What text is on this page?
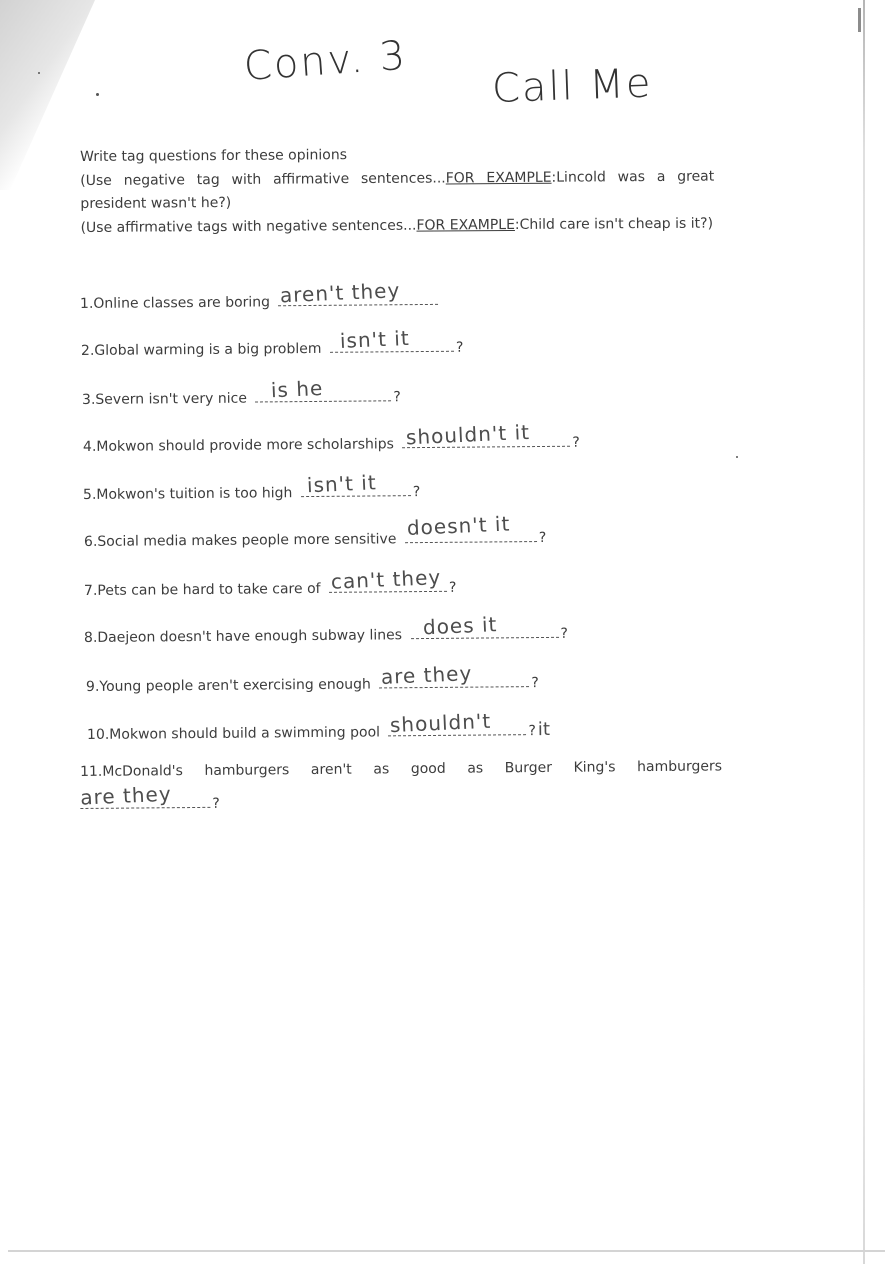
Conv. 3 Call Me

Write tag questions for these opinions

(Use negative tag with affirmative sentences...FOR EXAMPLE:Lincold was a great president wasn't he?)

(Use affirmative tags with negative sentences...FOR EXAMPLE:Child care isn't cheap is it?)

1.Online classes are boring aren't they
2.Global warming is a big problem isn't it	?
3.Severn isn't very nice is he	?
4.Mokwon should provide more scholarships shouldn't it	?
5.Mokwon's tuition is too high isn't it	?
6.Social media makes people more sensitive
doesn't it ?
7.Pets can be hard to take care of can't they ?
8.Daejeon doesn't have enough subway lines does it	?
9.Young people aren't exercising enough are they	?
10.Mokwon should build a swimming pool shouldn't	? it
11.McDonald's hamburgers aren't as good as Burger King's hamburgers
are they	?
